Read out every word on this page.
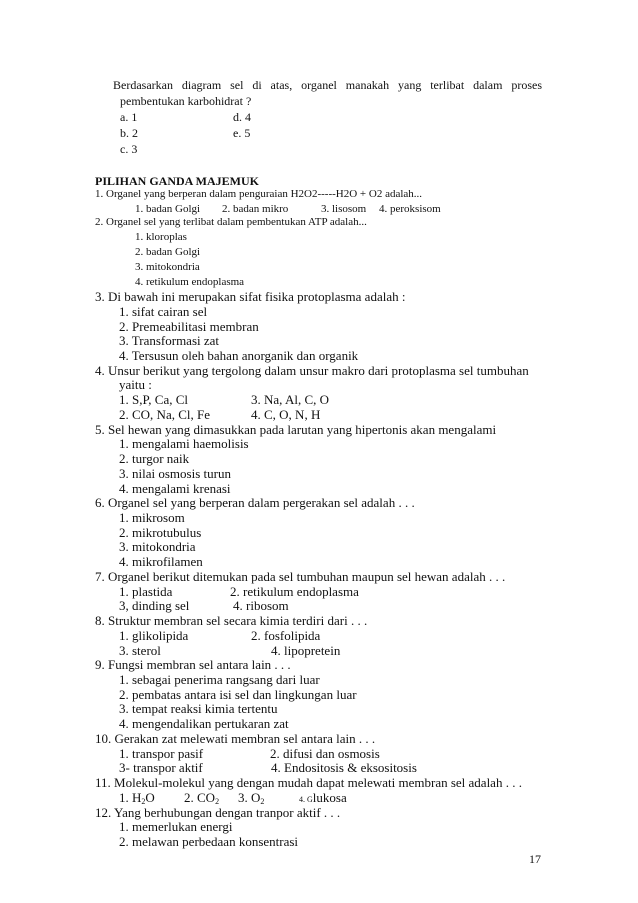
Berdasarkan diagram sel di atas, organel manakah yang terlibat dalam proses
pembentukan karbohidrat ?
a. 1	d. 4
b. 2	e. 5
c. 3
PILIHAN GANDA MAJEMUK
1. Organel yang berperan dalam penguraian H2O2-----H2O + O2 adalah...
1. badan Golgi 2. badan mikro	3. lisosom 4. peroksisom
2. Organel sel yang terlibat dalam pembentukan ATP adalah...
1. kloroplas
2. badan Golgi
3. mitokondria
4. retikulum endoplasma
3. Di bawah ini merupakan sifat fisika protoplasma adalah :
1. sifat cairan sel
2. Premeabilitasi membran
3. Transformasi zat
4. Tersusun oleh bahan anorganik dan organik
4. Unsur berikut yang tergolong dalam unsur makro dari protoplasma sel tumbuhan
yaitu :
1. S,P, Ca, Cl	3. Na, Al, C, O
2. CO, Na, Cl, Fe	4. C, O, N, H
5. Sel hewan yang dimasukkan pada larutan yang hipertonis akan mengalami
1. mengalami haemolisis
2. turgor naik
3. nilai osmosis turun
4. mengalami krenasi
6. Organel sel yang berperan dalam pergerakan sel adalah . . .
1. mikrosom
2. mikrotubulus
3. mitokondria
4. mikrofilamen
7. Organel berikut ditemukan pada sel tumbuhan maupun sel hewan adalah . . .
1. plastida	2. retikulum endoplasma
3, dinding sel	4. ribosom
8. Struktur membran sel secara kimia terdiri dari . . .
1. glikolipida	2. fosfolipida
3. sterol	4. lipopretein
9. Fungsi membran sel antara lain . . .
1. sebagai penerima rangsang dari luar
2. pembatas antara isi sel dan lingkungan luar
3. tempat reaksi kimia tertentu
4. mengendalikan pertukaran zat
10. Gerakan zat melewati membran sel antara lain . . .
1. transpor pasif	2. difusi dan osmosis
3- transpor aktif	4. Endositosis & eksositosis
11. Molekul-molekul yang dengan mudah dapat melewati membran sel adalah . . .
1. $H_2O$ 2. $CO_2$ 3. $O_2$	4. Glukosa
12. Yang berhubungan dengan tranpor aktif . . .
1. memerlukan energi
2. melawan perbedaan konsentrasi
17
